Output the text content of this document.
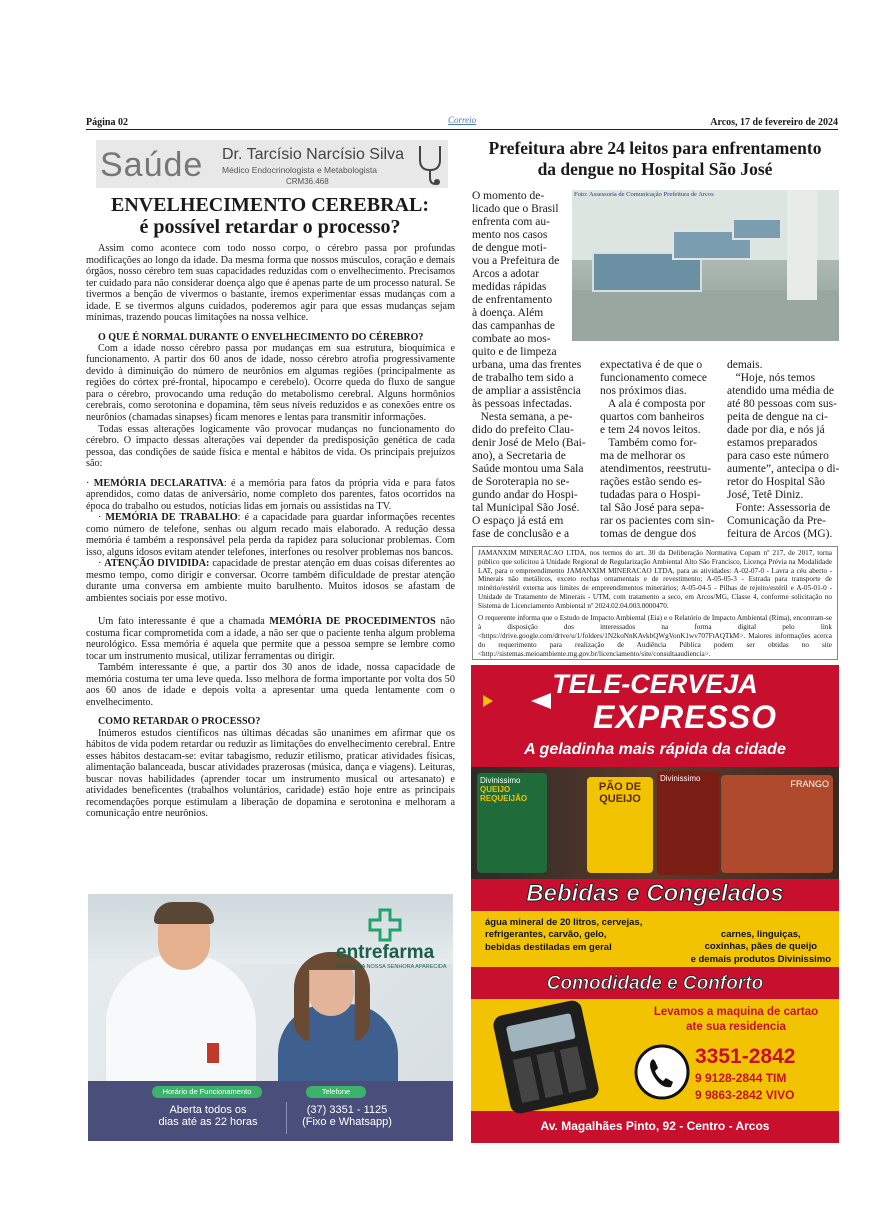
Página 02	Correio	Arcos, 17 de fevereiro de 2024
Saúde Dr. Tarcísio Narcísio Silva
Médico Endocrinologista e Metabologista
CRM36.468
ENVELHECIMENTO CEREBRAL:
é possível retardar o processo?

Assim como acontece com todo nosso corpo, o cérebro passa por profundas modificações ao longo da idade. Da mesma forma que nossos músculos, coração e demais órgãos, nosso cérebro tem suas capacidades reduzidas com o envelhecimento. Precisamos ter cuidado para não considerar doença algo que é apenas parte de um processo natural. Se tivermos a benção de vivermos o bastante, iremos experimentar essas mudanças com a idade. E se tivermos alguns cuidados, poderemos agir para que essas mudanças sejam mínimas, trazendo poucas limitações na nossa velhice.

O QUE É NORMAL DURANTE O ENVELHECIMENTO DO CÉREBRO?

Com a idade nosso cérebro passa por mudanças em sua estrutura, bioquímica e funcionamento. A partir dos 60 anos de idade, nosso cérebro atrofia progressivamente devido à diminuição do número de neurônios em algumas regiões (principalmente as regiões do córtex pré-frontal, hipocampo e cerebelo). Ocorre queda do fluxo de sangue para o cérebro, provocando uma redução do metabolismo cerebral. Alguns hormônios cerebrais, como serotonina e dopamina, têm seus níveis reduzidos e as conexões entre os neurônios (chamadas sinapses) ficam menores e lentas para transmitir informações.

Todas essas alterações logicamente vão provocar mudanças no funcionamento do cérebro. O impacto dessas alterações vai depender da predisposição genética de cada pessoa, das condições de saúde física e mental e hábitos de vida. Os principais prejuízos são:

· MEMÓRIA DECLARATIVA: é a memória para fatos da própria vida e para fatos aprendidos, como datas de aniversário, nome completo dos parentes, fatos ocorridos na época do trabalho ou estudos, notícias lidas em jornais ou assistidas na TV.

· MEMÓRIA DE TRABALHO: é a capacidade para guardar informações recentes como número de telefone, senhas ou algum recado mais elaborado. A redução dessa memória é também a responsável pela perda da rapidez para solucionar problemas. Com isso, alguns idosos evitam atender telefones, interfones ou resolver problemas nos bancos.

· ATENÇÃO DIVIDIDA: capacidade de prestar atenção em duas coisas diferentes ao mesmo tempo, como dirigir e conversar. Ocorre também dificuldade de prestar atenção durante uma conversa em ambiente muito barulhento. Muitos idosos se afastam de ambientes sociais por esse motivo.

Um fato interessante é que a chamada MEMÓRIA DE PROCEDIMENTOS não costuma ficar comprometida com a idade, a não ser que o paciente tenha algum problema neurológico. Essa memória é aquela que permite que a pessoa sempre se lembre como tocar um instrumento musical, utilizar ferramentas ou dirigir.

Também interessante é que, a partir dos 30 anos de idade, nossa capacidade de memória costuma ter uma leve queda. Isso melhora de forma importante por volta dos 50 aos 60 anos de idade e depois volta a apresentar uma queda lentamente com o envelhecimento.

COMO RETARDAR O PROCESSO?

Inúmeros estudos científicos nas últimas décadas são unanimes em afirmar que os hábitos de vida podem retardar ou reduzir as limitações do envelhecimento cerebral. Entre esses hábitos destacam-se: evitar tabagismo, reduzir etilismo, praticar atividades físicas, alimentação balanceada, buscar atividades prazerosas (música, dança e viagens). Leituras, buscar novas habilidades (aprender tocar um instrumento musical ou artesanato) e atividades beneficentes (trabalhos voluntários, caridade) estão hoje entre as principais recomendações porque estimulam a liberação de dopamina e serotonina e melhoram a comunicação entre neurônios.

entrefarma
DROGARIA NOSSA SENHORA APARECIDA
Horário de Funcionamento
Aberta todos os
dias até as 22 horas
Telefone
(37) 3351 - 1125
(Fixo e Whatsapp)
Prefeitura abre 24 leitos para enfrentamento
da dengue no Hospital São José
Foto: Assessoria de Comunicação Prefeitura de Arcos
O momento de-
licado que o Brasil
enfrenta com au-
mento nos casos
de dengue moti-
vou a Prefeitura de
Arcos a adotar
medidas rápidas
de enfrentamento
à doença. Além
das campanhas de
combate ao mos-
quito e de limpeza
urbana, uma das frentes
de trabalho tem sido a
de ampliar a assistência
às pessoas infectadas.
Nesta semana, a pe-
dido do prefeito Clau-
denir José de Melo (Bai-
ano), a Secretaria de
Saúde montou uma Sala
de Soroterapia no se-
gundo andar do Hospi-
tal Municipal São José.
O espaço já está em
fase de conclusão e a
expectativa é de que o
funcionamento comece
nos próximos dias.
A ala é composta por
quartos com banheiros
e tem 24 novos leitos.
Também como for-
ma de melhorar os
atendimentos, reestrutu-
rações estão sendo es-
tudadas para o Hospi-
tal São José para sepa-
rar os pacientes com sin-
tomas de dengue dos
demais.
“Hoje, nós temos
atendido uma média de
até 80 pessoas com sus-
peita de dengue na ci-
dade por dia, e nós já
estamos preparados
para caso este número
aumente”, antecipa o di-
retor do Hospital São
José, Tetê Diniz.
Fonte: Assessoria de
Comunicação da Pre-
feitura de Arcos (MG).
JAMANXIM MINERACAO LTDA, nos termos do art. 30 da Deliberação Normativa Copam nº 217, de 2017, torna público que solicitou à Unidade Regional de Regularização Ambiental Alto São Francisco, Licença Prévia na Modalidade LAT, para o empreendimento JAMANXIM MINERACAO LTDA, para as atividades: A-02-07-0 - Lavra a céu aberto - Minerais não metálicos, exceto rochas ornamentais e de revestimento; A-05-05-3 - Estrada para transporte de minério/estéril externa aos limites de empreendimentos minerários; A-05-04-5 - Pilhas de rejeito/estéril e A-05-01-0 - Unidade de Tratamento de Minerais - UTM, com tratamento a seco, em Arcos/MG, Classe 4, conforme solicitação no Sistema de Licenciamento Ambiental nº 2024.02.04.003.0000470.
O requerente informa que o Estudo de Impacto Ambiental (Eia) e o Relatório de Impacto Ambiental (Rima), encontram-se à disposição dos interessados na forma digital pelo link <https://drive.google.com/drive/u/1/folders/1N2koNnKAvkbQWgVonK1wv707FtAQTkM>. Maiores informações acerca do requerimento para realização de Audiência Pública podem ser obtidas no site <http://sistemas.meioambiente.mg.gov.br/licenciamento/site/consultaaudiencia>.
TELE-CERVEJA
EXPRESSO
A geladinha mais rápida da cidade
Divinissimo
QUEIJO REQUEIJÃO
PÃO DE QUEIJO
Divinissimo
FRANGO
Bebidas e Congelados
água mineral de 20 litros, cervejas,
refrigerantes, carvão, gelo,
bebidas destiladas em geral
carnes, linguiças,
coxinhas, pães de queijo
e demais produtos Divinissimo
Comodidade e Conforto
Levamos a maquina de cartao
ate sua residencia
3351-2842
9 9128-2844 TIM
9 9863-2842 VIVO
Av. Magalhães Pinto, 92 - Centro - Arcos
